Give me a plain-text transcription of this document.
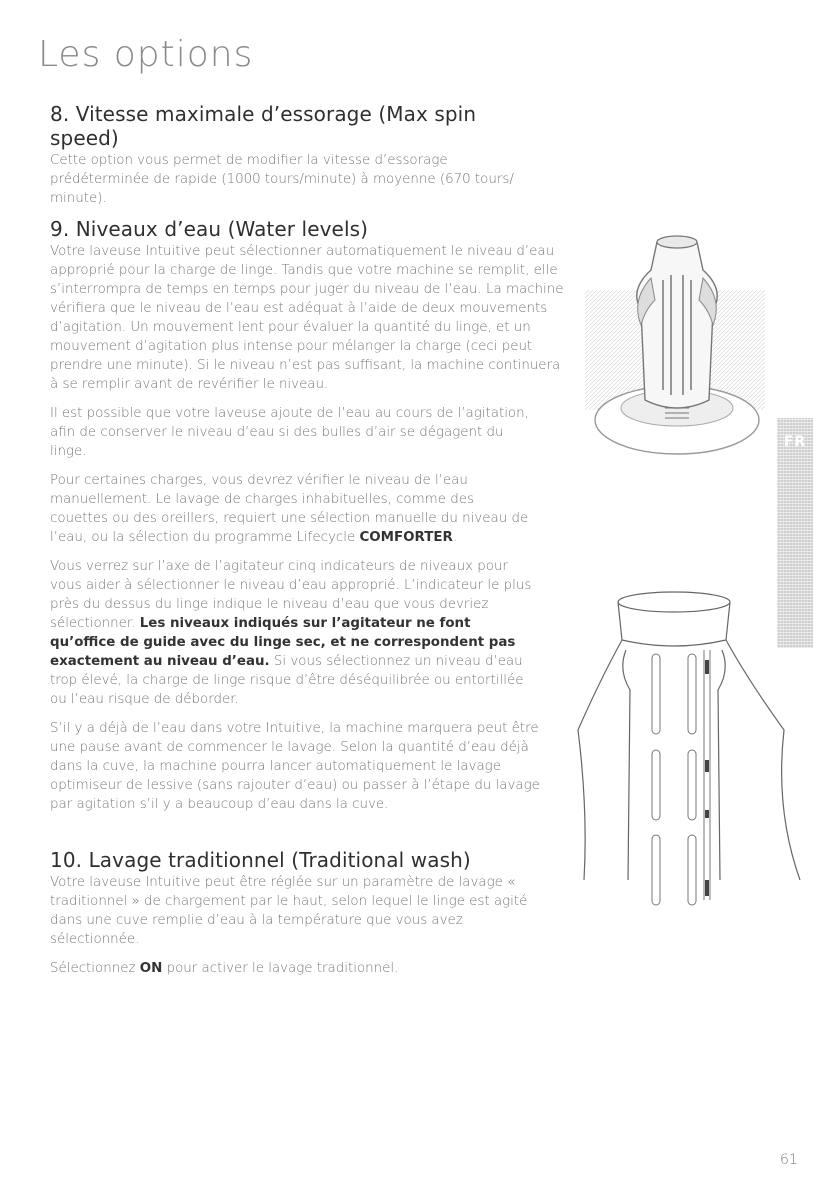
Les options
8. Vitesse maximale d’essorage (Max spin speed)

Cette option vous permet de modifier la vitesse d’essorage prédéterminée de rapide (1000 tours/minute) à moyenne (670 tours/ minute).

9. Niveaux d’eau (Water levels)

Votre laveuse Intuitive peut sélectionner automatiquement le niveau d’eau approprié pour la charge de linge. Tandis que votre machine se remplit, elle s’interrompra de temps en temps pour juger du niveau de l’eau. La machine vérifiera que le niveau de l’eau est adéquat à l’aide de deux mouvements d’agitation. Un mouvement lent pour évaluer la quantité du linge, et un mouvement d’agitation plus intense pour mélanger la charge (ceci peut prendre une minute). Si le niveau n’est pas suffisant, la machine continuera à se remplir avant de revérifier le niveau.

Il est possible que votre laveuse ajoute de l’eau au cours de l’agitation, afin de conserver le niveau d’eau si des bulles d’air se dégagent du linge.

Pour certaines charges, vous devrez vérifier le niveau de l’eau manuellement. Le lavage de charges inhabituelles, comme des couettes ou des oreillers, requiert une sélection manuelle du niveau de l’eau, ou la sélection du programme Lifecycle COMFORTER.

Vous verrez sur l’axe de l’agitateur cinq indicateurs de niveaux pour vous aider à sélectionner le niveau d’eau approprié. L’indicateur le plus près du dessus du linge indique le niveau d’eau que vous devriez sélectionner. Les niveaux indiqués sur l’agitateur ne font qu’office de guide avec du linge sec, et ne correspondent pas exactement au niveau d’eau. Si vous sélectionnez un niveau d’eau trop élevé, la charge de linge risque d’être déséquilibrée ou entortillée ou l’eau risque de déborder.

S’il y a déjà de l’eau dans votre Intuitive, la machine marquera peut être une pause avant de commencer le lavage. Selon la quantité d’eau déjà dans la cuve, la machine pourra lancer automatiquement le lavage optimiseur de lessive (sans rajouter d’eau) ou passer à l’étape du lavage par agitation s’il y a beaucoup d’eau dans la cuve.

10. Lavage traditionnel (Traditional wash)

Votre laveuse Intuitive peut être réglée sur un paramètre de lavage « traditionnel » de chargement par le haut, selon lequel le linge est agité dans une cuve remplie d’eau à la température que vous avez sélectionnée.

Sélectionnez ON pour activer le lavage traditionnel.

FR
61
